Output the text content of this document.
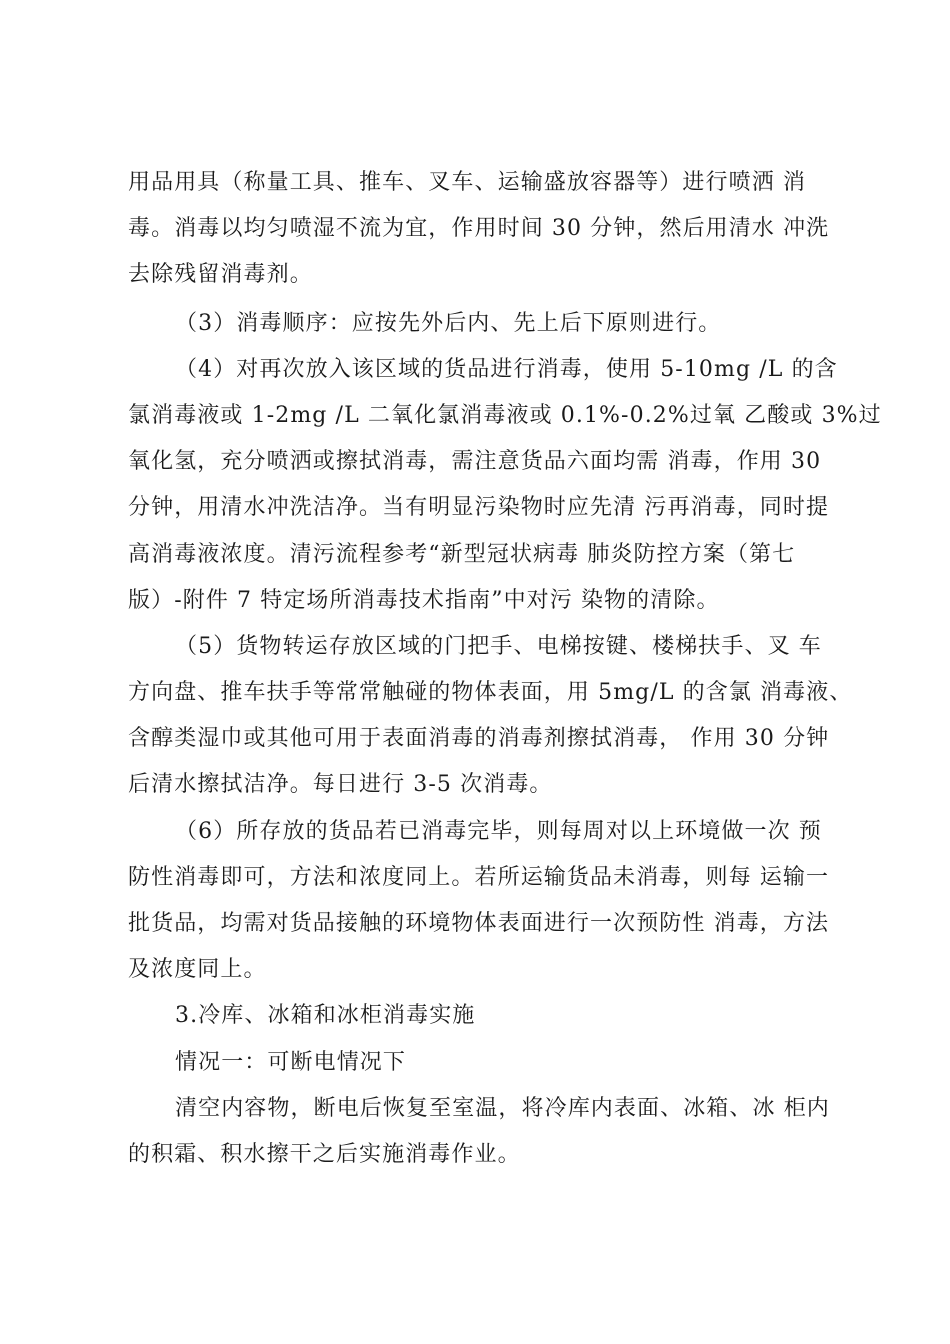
用品用具（称量工具、推车、叉车、运输盛放容器等）进行喷洒 消
毒。消毒以均匀喷湿不流为宜，作用时间 30 分钟，然后用清水 冲洗
去除残留消毒剂。
（3）消毒顺序：应按先外后内、先上后下原则进行。
（4）对再次放入该区域的货品进行消毒，使用 5-10mg /L 的含
氯消毒液或 1-2mg /L 二氧化氯消毒液或 0.1%-0.2%过氧 乙酸或 3%过
氧化氢，充分喷洒或擦拭消毒，需注意货品六面均需 消毒，作用 30
分钟，用清水冲洗洁净。当有明显污染物时应先清 污再消毒，同时提
高消毒液浓度。清污流程参考“新型冠状病毒 肺炎防控方案（第七
版）-附件 7 特定场所消毒技术指南”中对污 染物的清除。
（5）货物转运存放区域的门把手、电梯按键、楼梯扶手、叉 车
方向盘、推车扶手等常常触碰的物体表面，用 5mg/L 的含氯 消毒液、
含醇类湿巾或其他可用于表面消毒的消毒剂擦拭消毒， 作用 30 分钟
后清水擦拭洁净。每日进行 3-5 次消毒。
（6）所存放的货品若已消毒完毕，则每周对以上环境做一次 预
防性消毒即可，方法和浓度同上。若所运输货品未消毒，则每 运输一
批货品，均需对货品接触的环境物体表面进行一次预防性 消毒，方法
及浓度同上。
3.冷库、冰箱和冰柜消毒实施
情况一：可断电情况下
清空内容物，断电后恢复至室温，将冷库内表面、冰箱、冰 柜内
的积霜、积水擦干之后实施消毒作业。
